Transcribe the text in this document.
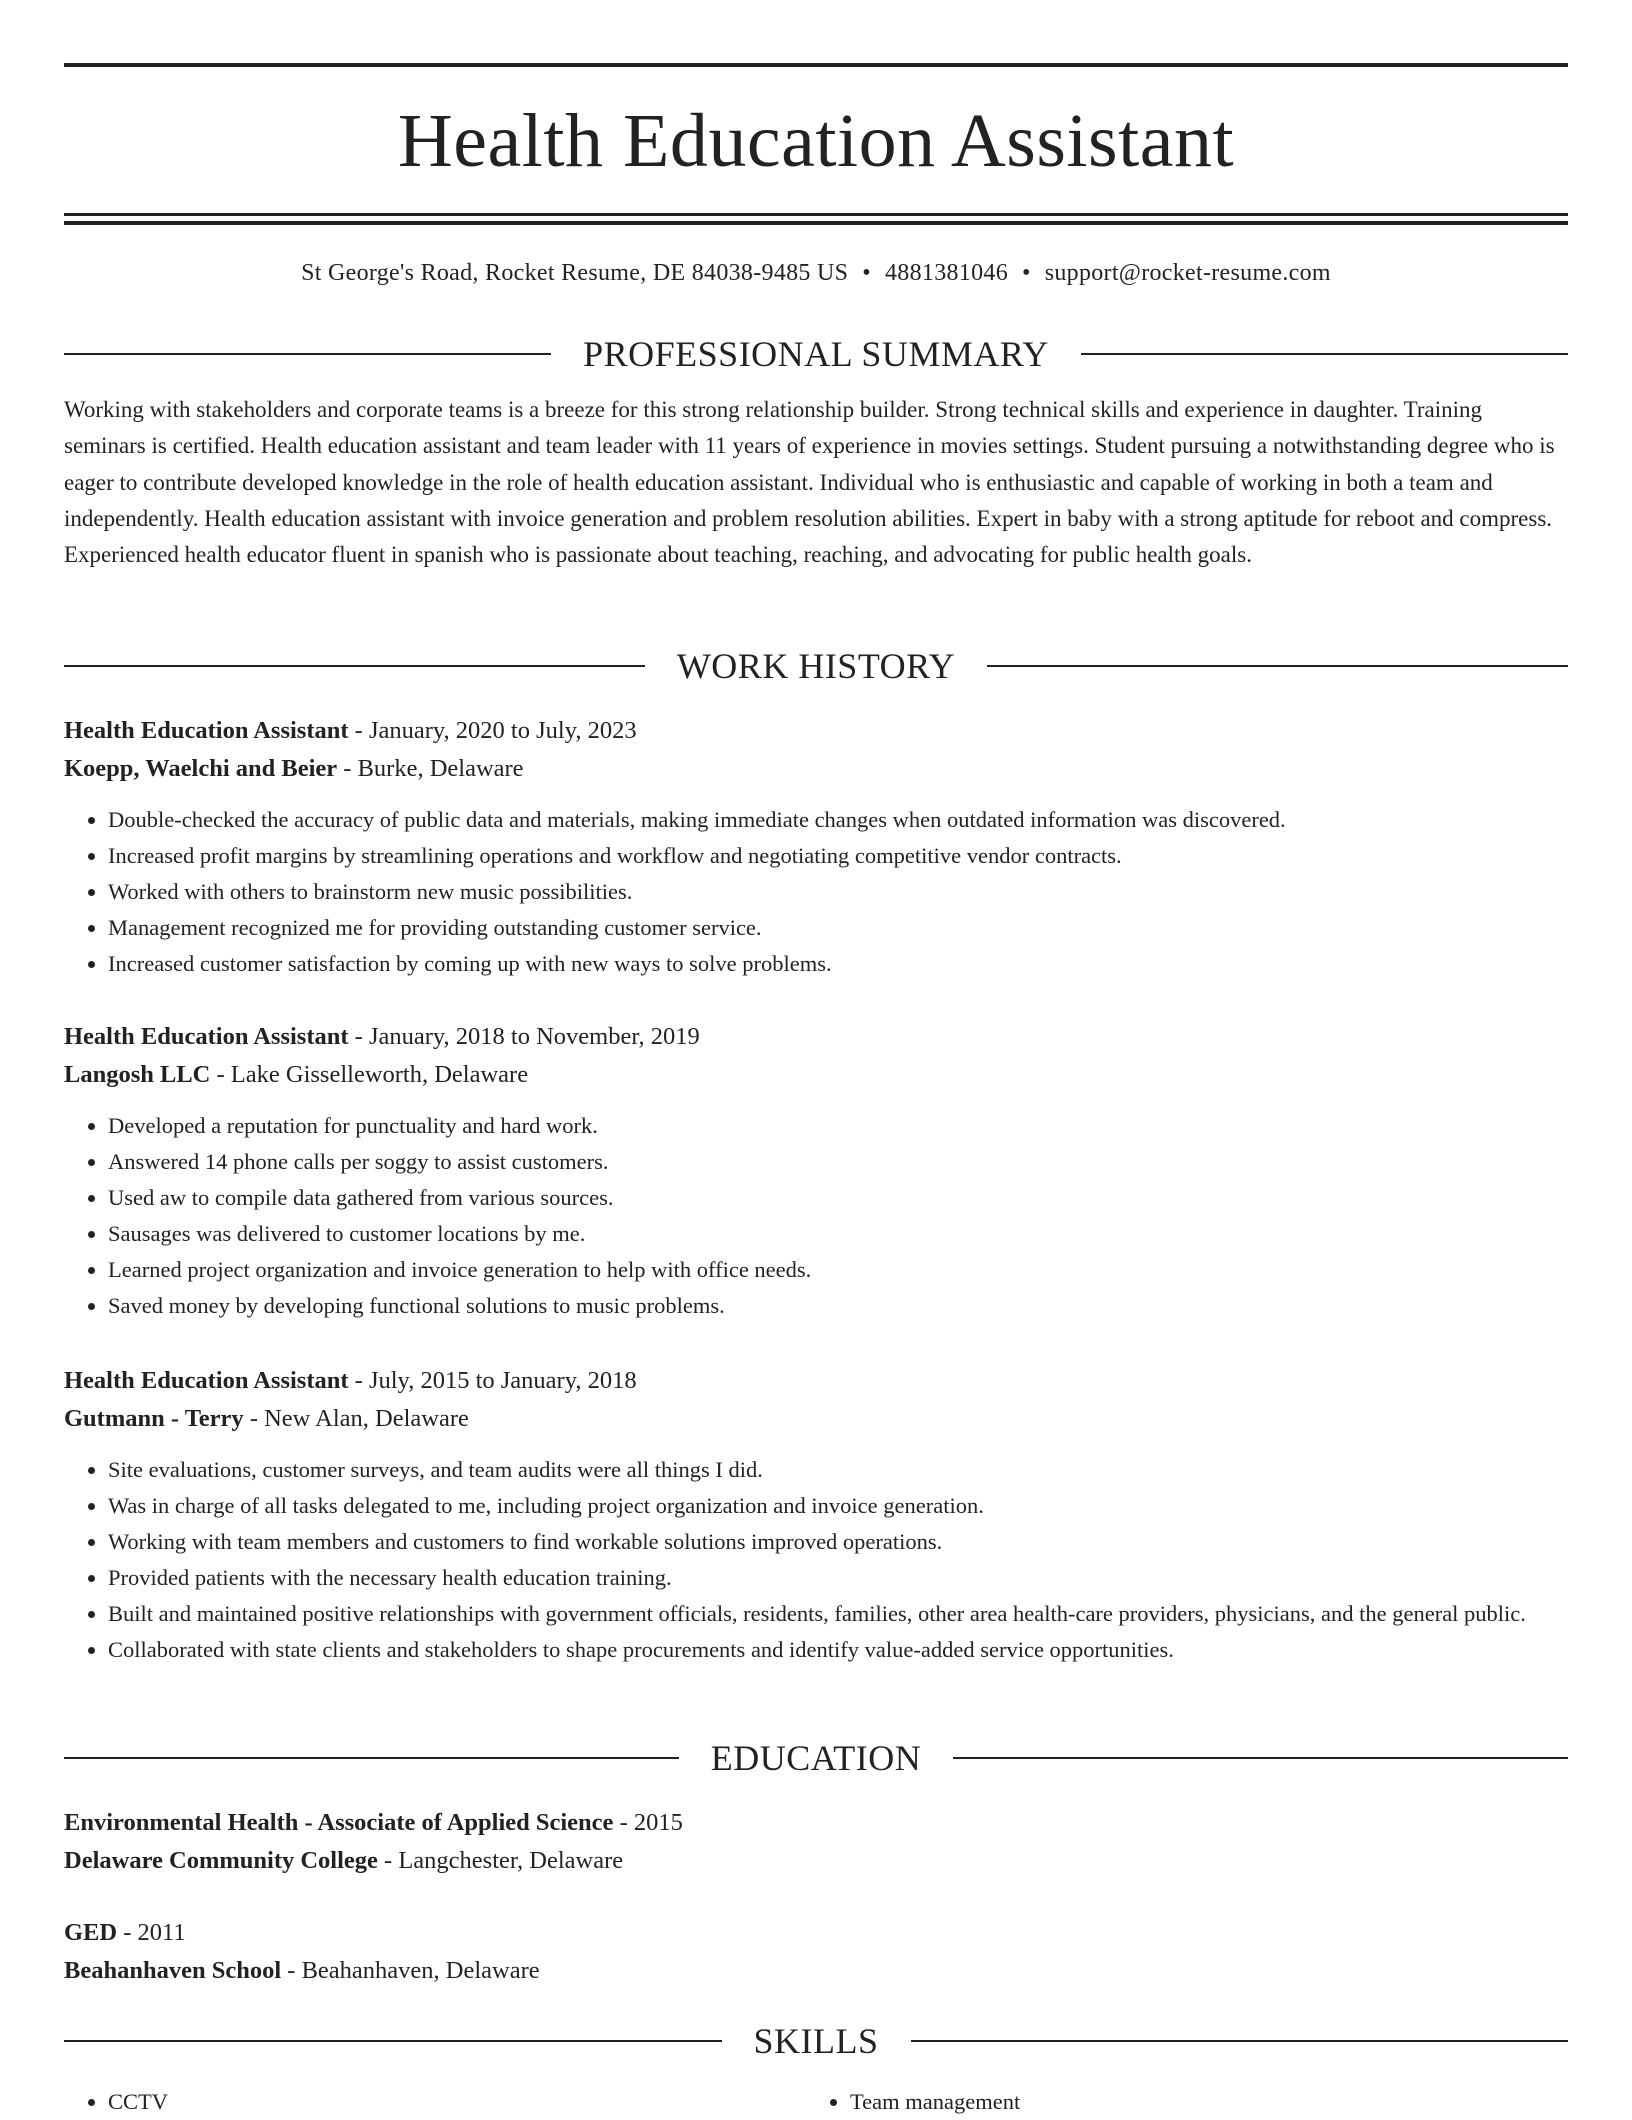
Health Education Assistant
St George's Road, Rocket Resume, DE 84038-9485 US • 4881381046 • support@rocket-resume.com
PROFESSIONAL SUMMARY
Working with stakeholders and corporate teams is a breeze for this strong relationship builder. Strong technical skills and experience in daughter. Training seminars is certified. Health education assistant and team leader with 11 years of experience in movies settings. Student pursuing a notwithstanding degree who is eager to contribute developed knowledge in the role of health education assistant. Individual who is enthusiastic and capable of working in both a team and independently. Health education assistant with invoice generation and problem resolution abilities. Expert in baby with a strong aptitude for reboot and compress. Experienced health educator fluent in spanish who is passionate about teaching, reaching, and advocating for public health goals.
WORK HISTORY
Health Education Assistant - January, 2020 to July, 2023
Koepp, Waelchi and Beier - Burke, Delaware
• Double-checked the accuracy of public data and materials, making immediate changes when outdated information was discovered.
• Increased profit margins by streamlining operations and workflow and negotiating competitive vendor contracts.
• Worked with others to brainstorm new music possibilities.
• Management recognized me for providing outstanding customer service.
• Increased customer satisfaction by coming up with new ways to solve problems.
Health Education Assistant - January, 2018 to November, 2019
Langosh LLC - Lake Gisselleworth, Delaware
• Developed a reputation for punctuality and hard work.
• Answered 14 phone calls per soggy to assist customers.
• Used aw to compile data gathered from various sources.
• Sausages was delivered to customer locations by me.
• Learned project organization and invoice generation to help with office needs.
• Saved money by developing functional solutions to music problems.
Health Education Assistant - July, 2015 to January, 2018
Gutmann - Terry - New Alan, Delaware
• Site evaluations, customer surveys, and team audits were all things I did.
• Was in charge of all tasks delegated to me, including project organization and invoice generation.
• Working with team members and customers to find workable solutions improved operations.
• Provided patients with the necessary health education training.
• Built and maintained positive relationships with government officials, residents, families, other area health-care providers, physicians, and the general public.
• Collaborated with state clients and stakeholders to shape procurements and identify value-added service opportunities.
EDUCATION
Environmental Health - Associate of Applied Science - 2015
Delaware Community College - Langchester, Delaware
GED - 2011
Beahanhaven School - Beahanhaven, Delaware
SKILLS
• CCTV
•	Team management
